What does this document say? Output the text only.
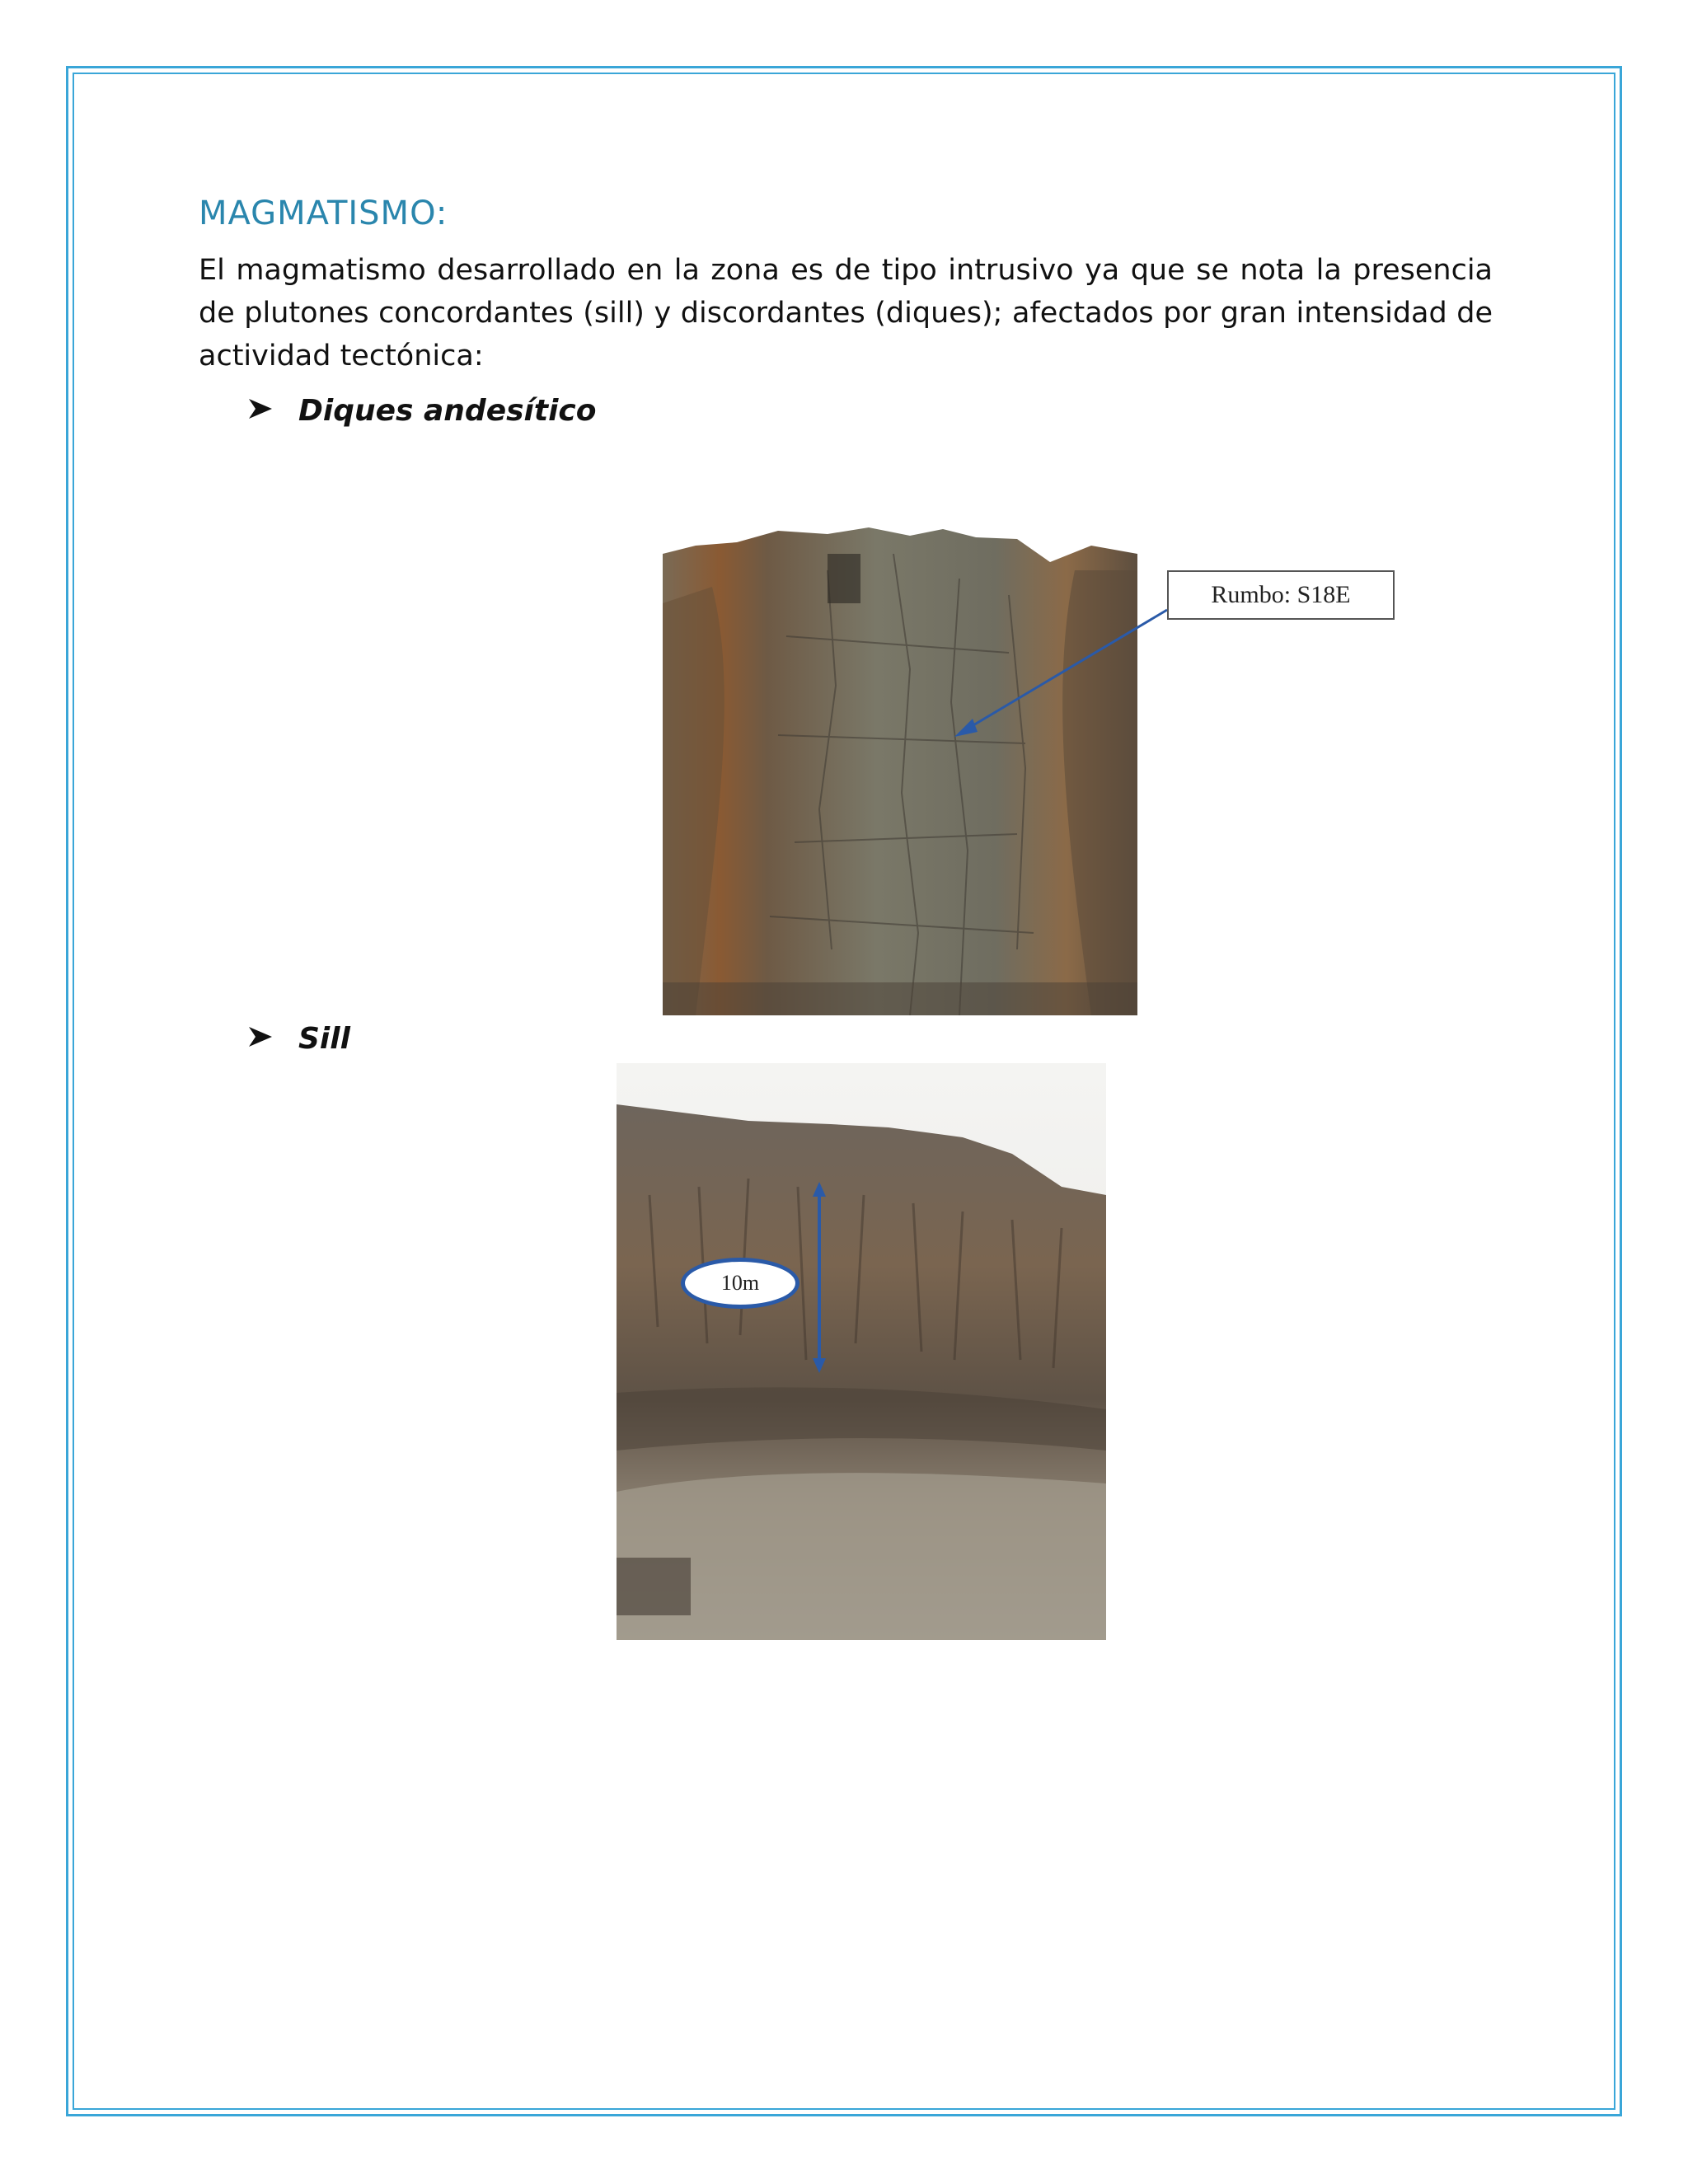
MAGMATISMO:
El magmatismo desarrollado en la zona es de tipo intrusivo ya que se nota la presencia de plutones concordantes (sill) y discordantes (diques); afectados por gran intensidad de actividad tectónica:
Diques andesítico
Rumbo: S18E
Sill
10m
